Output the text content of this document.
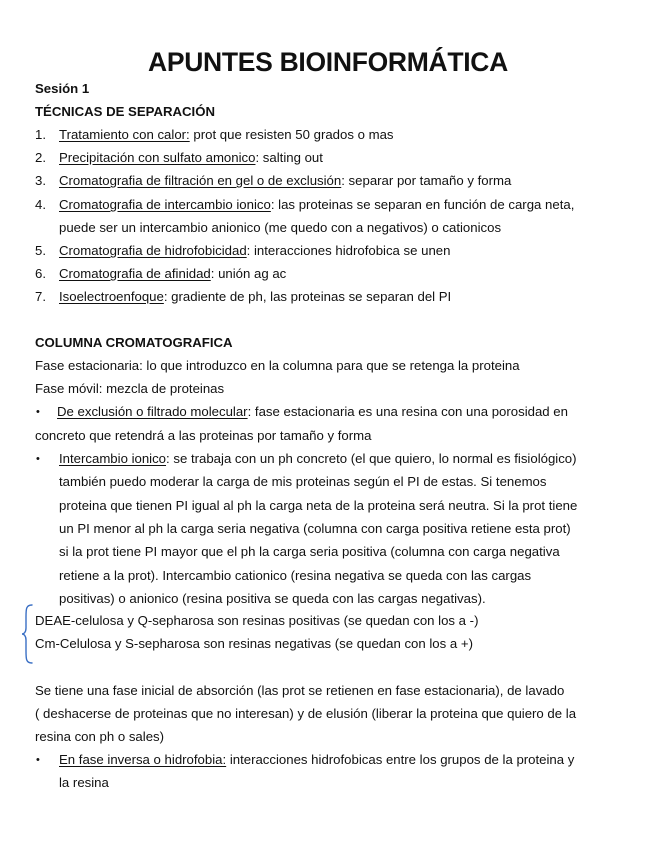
APUNTES BIOINFORMÁTICA
Sesión 1
TÉCNICAS DE SEPARACIÓN
1. Tratamiento con calor: prot que resisten 50 grados o mas
2. Precipitación con sulfato amonico: salting out
3. Cromatografia de filtración en gel o de exclusión: separar por tamaño y forma
4. Cromatografia de intercambio ionico: las proteinas se separan en función de carga neta,
puede ser un intercambio anionico (me quedo con a negativos) o cationicos
5. Cromatografia de hidrofobicidad: interacciones hidrofobica se unen
6. Cromatografia de afinidad: unión ag ac
7. Isoelectroenfoque: gradiente de ph, las proteinas se separan del PI
COLUMNA CROMATOGRAFICA
Fase estacionaria: lo que introduzco en la columna para que se retenga la proteina
Fase móvil: mezcla de proteinas
• De exclusión o filtrado molecular: fase estacionaria es una resina con una porosidad en
concreto que retendrá a las proteinas por tamaño y forma
• Intercambio ionico: se trabaja con un ph concreto (el que quiero, lo normal es fisiológico)
también puedo moderar la carga de mis proteinas según el PI de estas. Si tenemos
proteina que tienen PI igual al ph la carga neta de la proteina será neutra. Si la prot tiene
un PI menor al ph la carga seria negativa (columna con carga positiva retiene esta prot)
si la prot tiene PI mayor que el ph la carga seria positiva (columna con carga negativa
retiene a la prot). Intercambio cationico (resina negativa se queda con las cargas
positivas) o anionico (resina positiva se queda con las cargas negativas).
DEAE-celulosa y Q-sepharosa son resinas positivas (se quedan con los a -)
Cm-Celulosa y S-sepharosa son resinas negativas (se quedan con los a +)
Se tiene una fase inicial de absorción (las prot se retienen en fase estacionaria), de lavado
( deshacerse de proteinas que no interesan) y de elusión (liberar la proteina que quiero de la
resina con ph o sales)
• En fase inversa o hidrofobia: interacciones hidrofobicas entre los grupos de la proteina y
la resina
